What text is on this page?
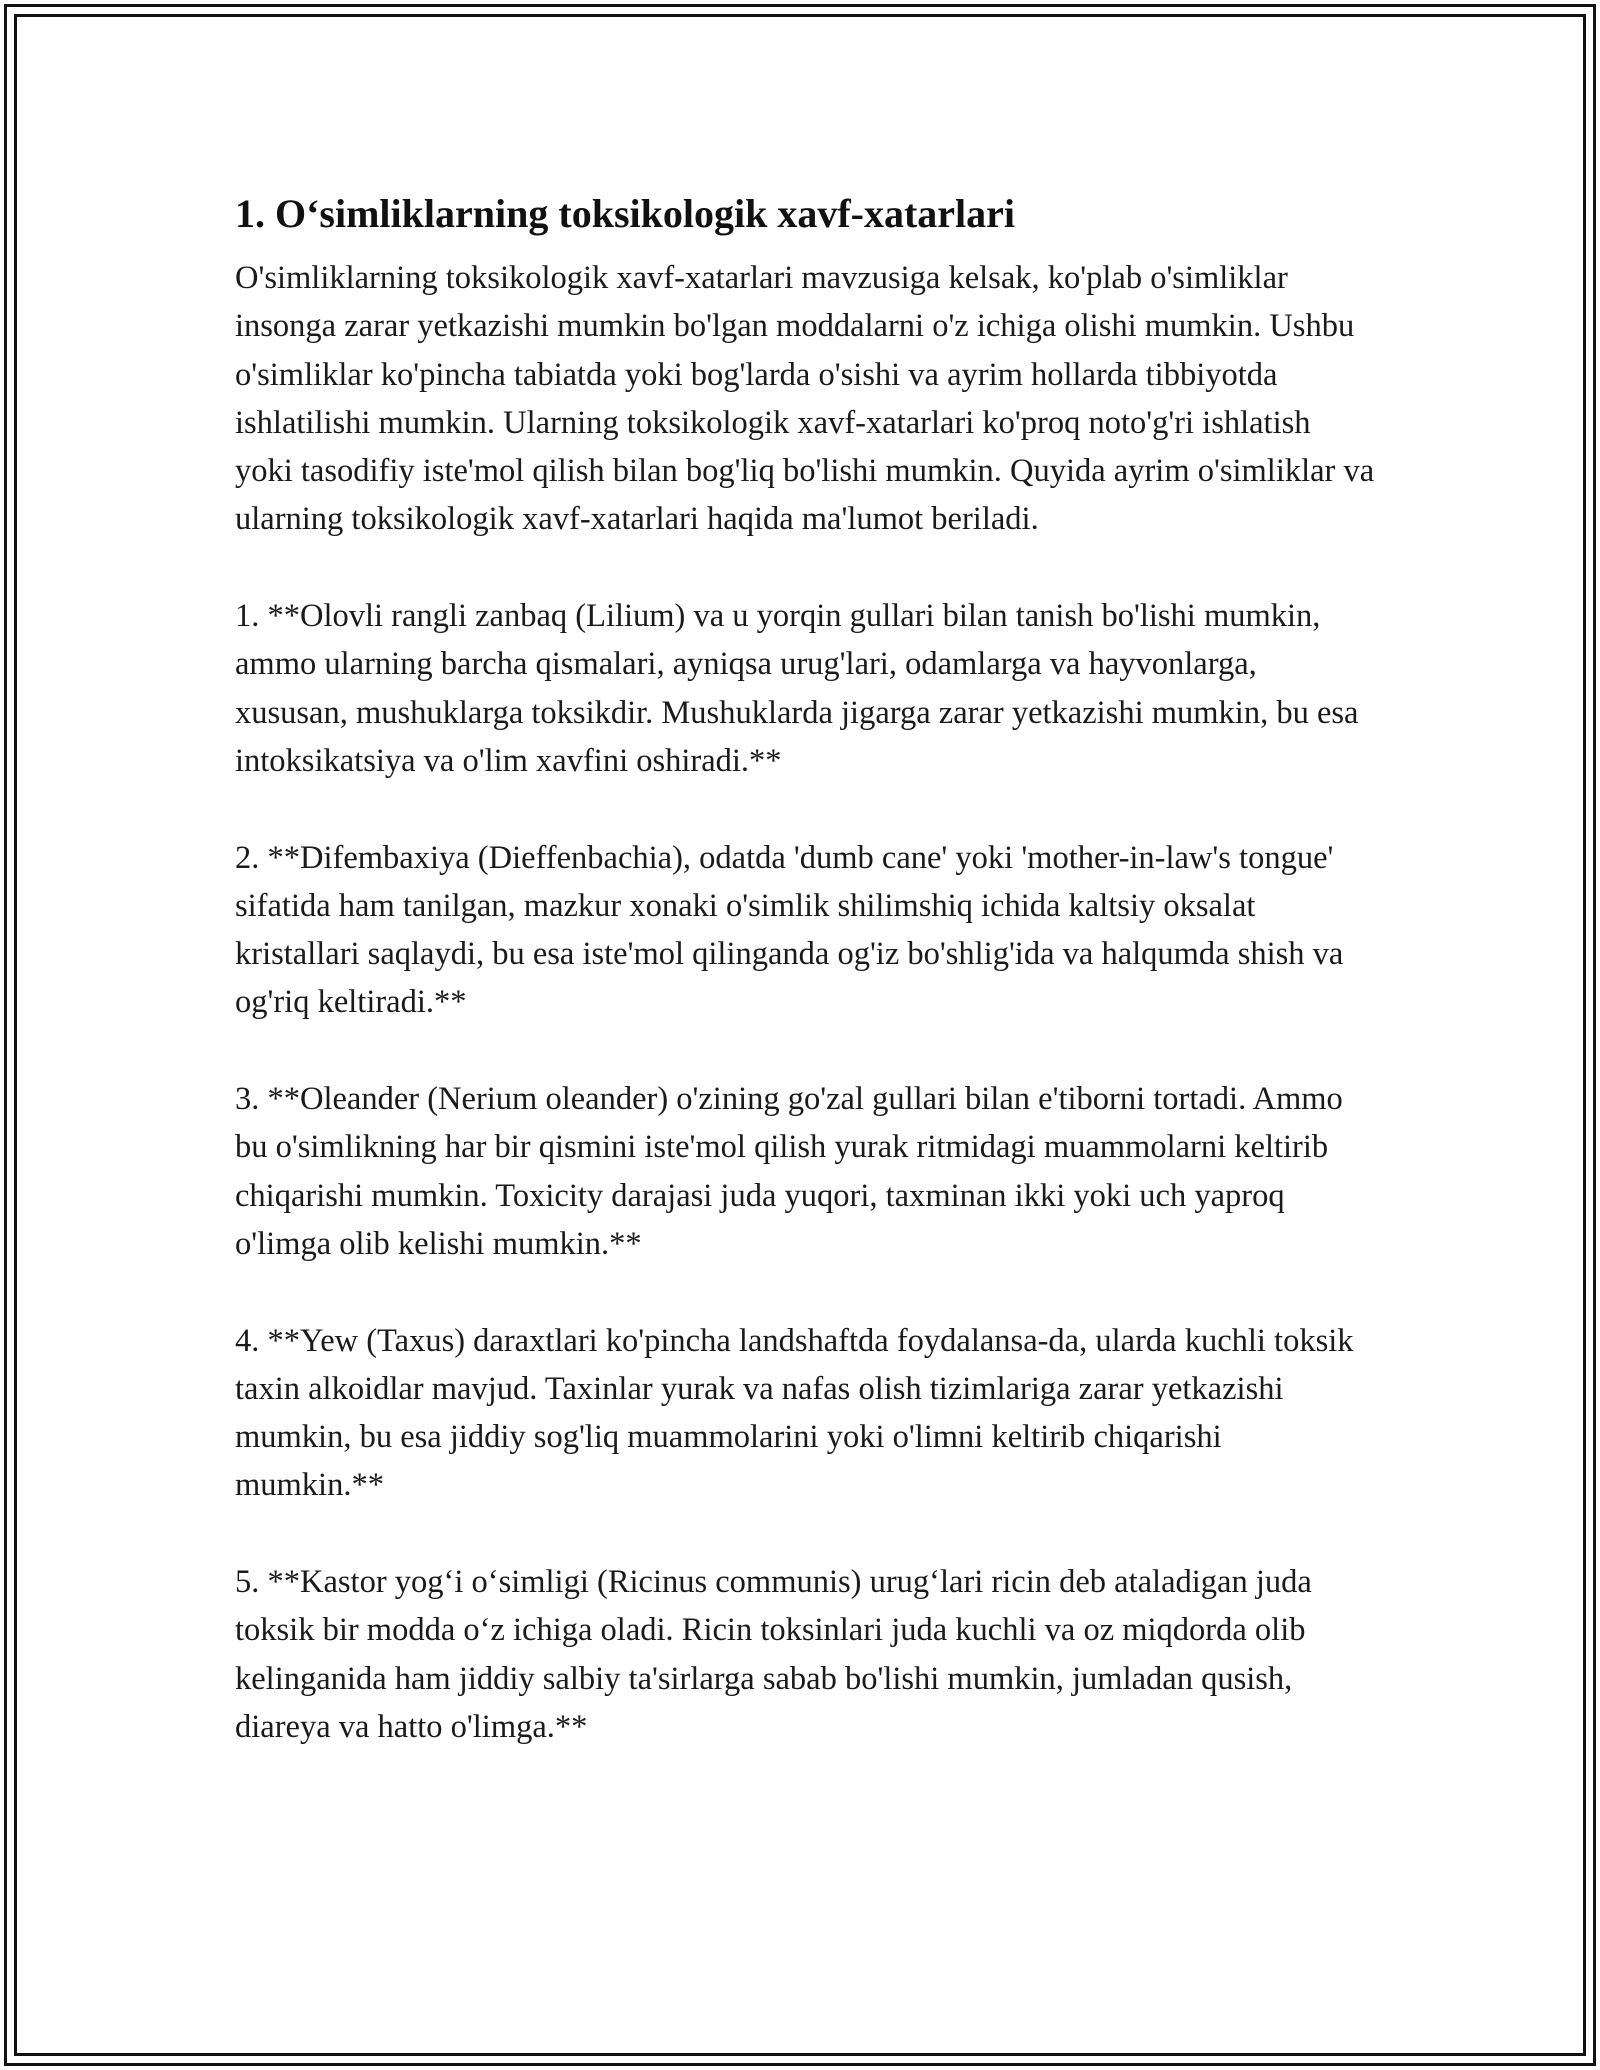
1. O‘simliklarning toksikologik xavf-xatarlari

O'simliklarning toksikologik xavf-xatarlari mavzusiga kelsak, ko'plab o'simliklar insonga zarar yetkazishi mumkin bo'lgan moddalarni o'z ichiga olishi mumkin. Ushbu o'simliklar ko'pincha tabiatda yoki bog'larda o'sishi va ayrim hollarda tibbiyotda ishlatilishi mumkin. Ularning toksikologik xavf-xatarlari ko'proq noto'g'ri ishlatish yoki tasodifiy iste'mol qilish bilan bog'liq bo'lishi mumkin. Quyida ayrim o'simliklar va ularning toksikologik xavf-xatarlari haqida ma'lumot beriladi.

1. **Olovli rangli zanbaq (Lilium) va u yorqin gullari bilan tanish bo'lishi mumkin, ammo ularning barcha qismalari, ayniqsa urug'lari, odamlarga va hayvonlarga, xususan, mushuklarga toksikdir. Mushuklarda jigarga zarar yetkazishi mumkin, bu esa intoksikatsiya va o'lim xavfini oshiradi.**

2. **Difembaxiya (Dieffenbachia), odatda 'dumb cane' yoki 'mother-in-law's tongue' sifatida ham tanilgan, mazkur xonaki o'simlik shilimshiq ichida kaltsiy oksalat kristallari saqlaydi, bu esa iste'mol qilinganda og'iz bo'shlig'ida va halqumda shish va og'riq keltiradi.**

3. **Oleander (Nerium oleander) o'zining go'zal gullari bilan e'tiborni tortadi. Ammo bu o'simlikning har bir qismini iste'mol qilish yurak ritmidagi muammolarni keltirib chiqarishi mumkin. Toxicity darajasi juda yuqori, taxminan ikki yoki uch yaproq o'limga olib kelishi mumkin.**

4. **Yew (Taxus) daraxtlari ko'pincha landshaftda foydalansa-da, ularda kuchli toksik taxin alkoidlar mavjud. Taxinlar yurak va nafas olish tizimlariga zarar yetkazishi mumkin, bu esa jiddiy sog'liq muammolarini yoki o'limni keltirib chiqarishi mumkin.**

5. **Kastor yog‘i o‘simligi (Ricinus communis) urug‘lari ricin deb ataladigan juda toksik bir modda o‘z ichiga oladi. Ricin toksinlari juda kuchli va oz miqdorda olib kelinganida ham jiddiy salbiy ta'sirlarga sabab bo'lishi mumkin, jumladan qusish, diareya va hatto o'limga.**
